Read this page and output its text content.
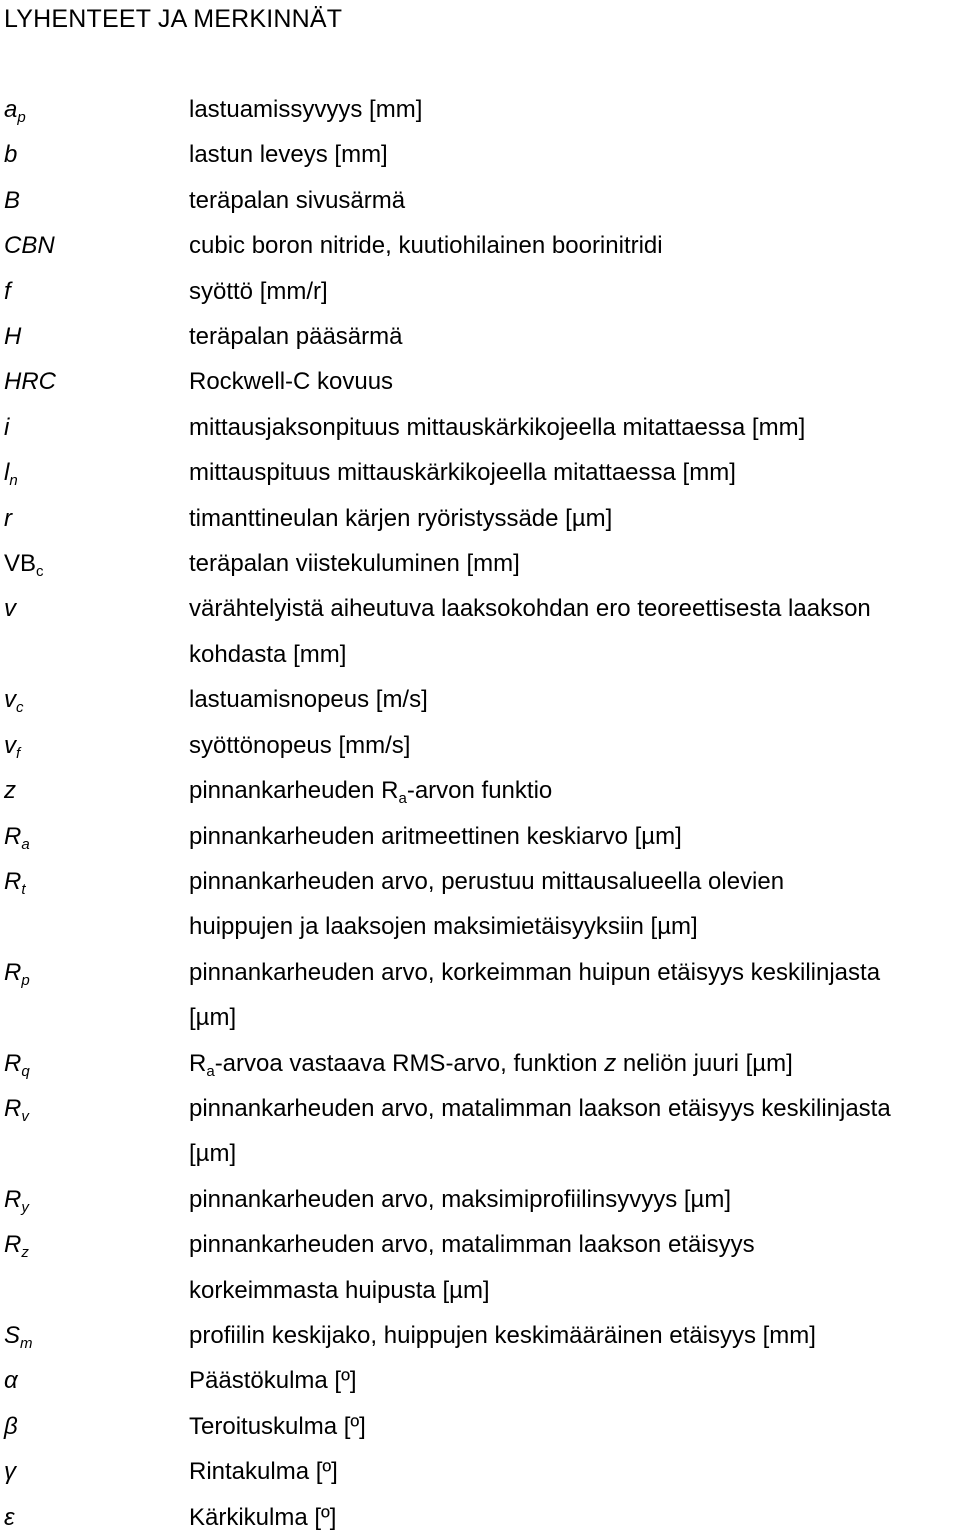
LYHENTEET JA MERKINNÄT
$a_p$	lastuamissyvyys [mm]
b	lastun leveys [mm]
B	teräpalan sivusärmä
CBN	cubic boron nitride, kuutiohilainen boorinitridi
f	syöttö [mm/r]
H	teräpalan pääsärmä
HRC	Rockwell-C kovuus
i	mittausjaksonpituus mittauskärkikojeella mitattaessa [mm]
$l_n$	mittauspituus mittauskärkikojeella mitattaessa [mm]
r	timanttineulan kärjen ryöristyssäde [µm]
$VB_c$	teräpalan viistekuluminen [mm]
v	värähtelyistä aiheutuva laaksokohdan ero teoreettisesta laakson
kohdasta [mm]
$v_c$	lastuamisnopeus [m/s]
$v_f$	syöttönopeus [mm/s]
z	pinnankarheuden $R_a$-arvon funktio
$R_a$	pinnankarheuden aritmeettinen keskiarvo [µm]
$R_t$	pinnankarheuden arvo, perustuu mittausalueella olevien
huippujen ja laaksojen maksimietäisyyksiin [µm]
$R_p$	pinnankarheuden arvo, korkeimman huipun etäisyys keskilinjasta
[µm]
$R_q$	$R_a$-arvoa vastaava RMS-arvo, funktion z neliön juuri [µm]
$R_v$	pinnankarheuden arvo, matalimman laakson etäisyys keskilinjasta
[µm]
$R_y$	pinnankarheuden arvo, maksimiprofiilinsyvyys [µm]
$R_z$	pinnankarheuden arvo, matalimman laakson etäisyys
korkeimmasta huipusta [µm]
$S_m$	profiilin keskijako, huippujen keskimääräinen etäisyys [mm]
α	Päästökulma [º]
β	Teroituskulma [º]
γ	Rintakulma [º]
ε	Kärkikulma [º]
